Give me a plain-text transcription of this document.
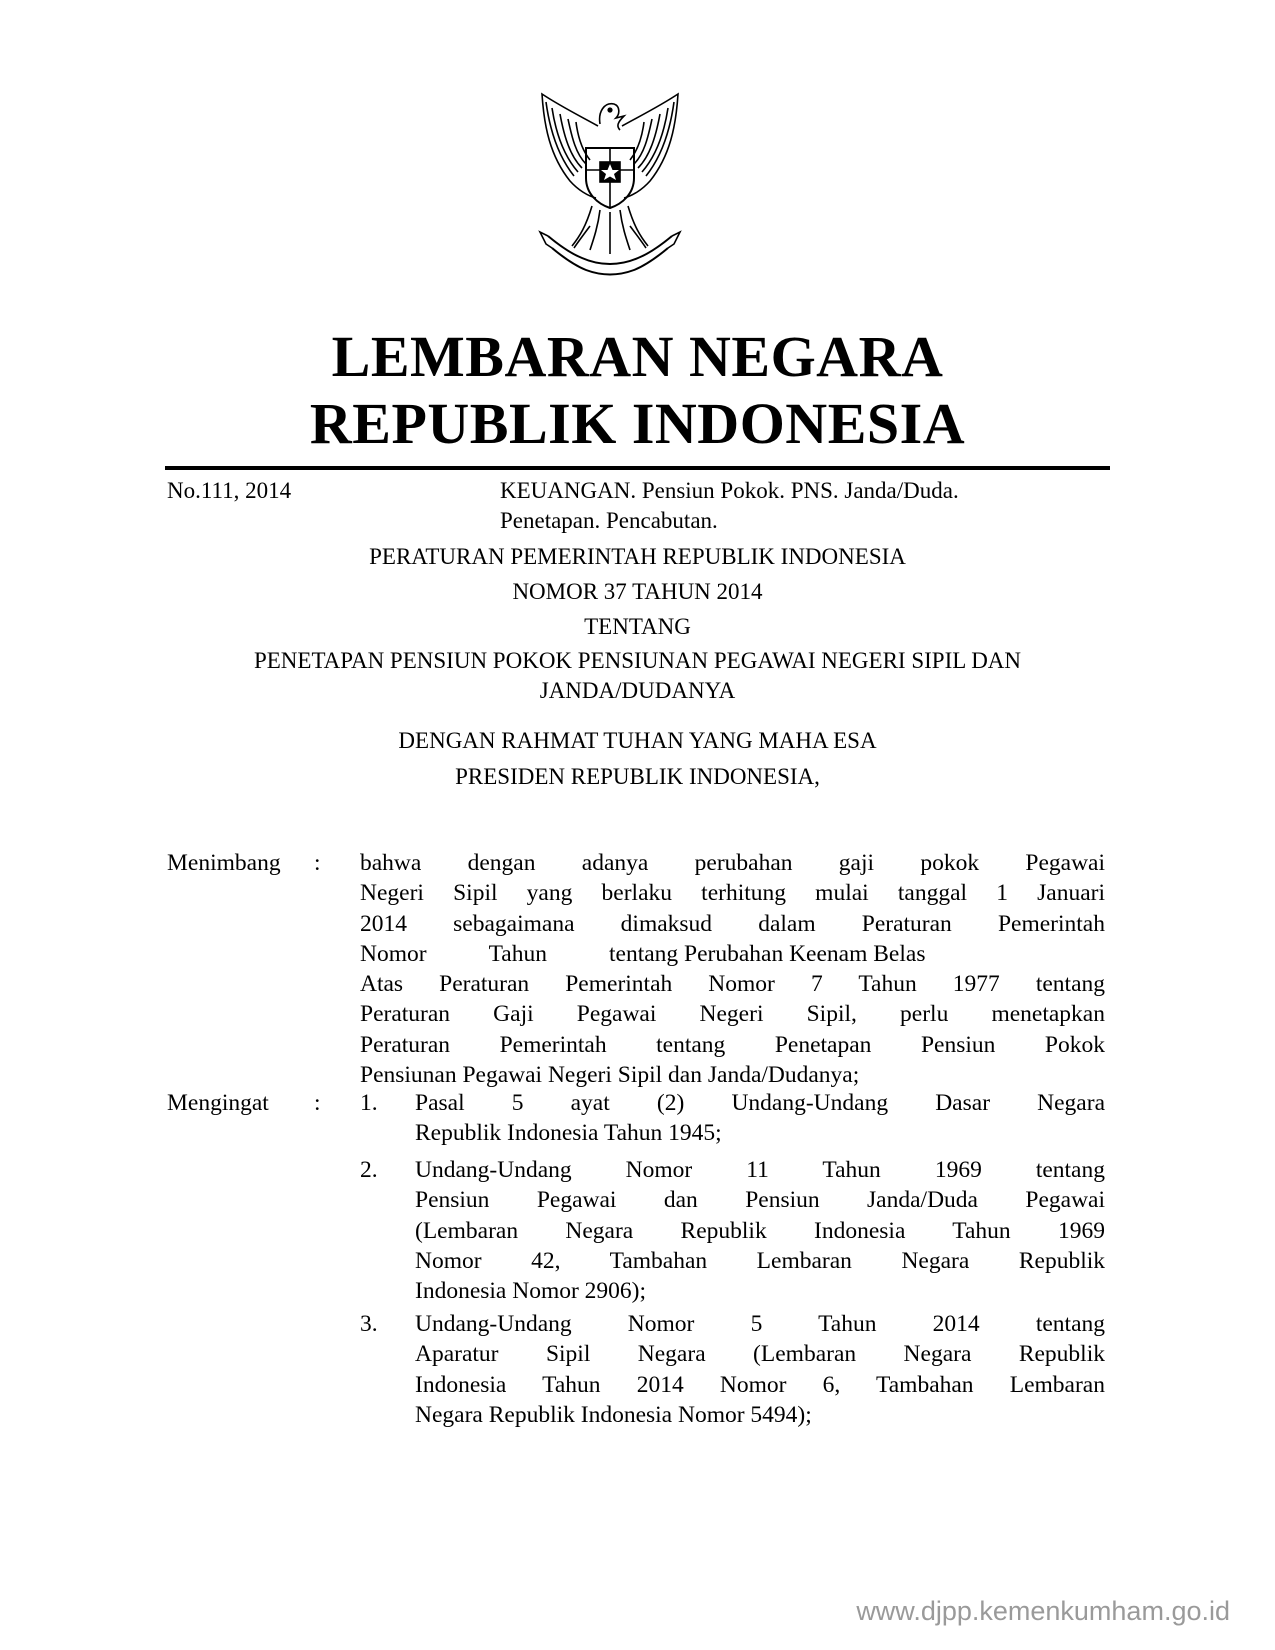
LEMBARAN NEGARA
REPUBLIK INDONESIA
No.111, 2014	KEUANGAN. Pensiun Pokok. PNS. Janda/Duda.
Penetapan. Pencabutan.
PERATURAN PEMERINTAH REPUBLIK INDONESIA
NOMOR 37 TAHUN 2014
TENTANG
PENETAPAN PENSIUN POKOK PENSIUNAN PEGAWAI NEGERI SIPIL DAN
JANDA/DUDANYA
DENGAN RAHMAT TUHAN YANG MAHA ESA
PRESIDEN REPUBLIK INDONESIA,
Menimbang : bahwa dengan adanya perubahan gaji pokok Pegawai
Negeri Sipil yang berlaku terhitung mulai tanggal 1 Januari
2014 sebagaimana dimaksud dalam Peraturan Pemerintah
Nomor	Tahun	tentang Perubahan Keenam Belas
Atas Peraturan Pemerintah Nomor 7 Tahun 1977 tentang
Peraturan Gaji Pegawai Negeri Sipil, perlu menetapkan
Peraturan Pemerintah tentang Penetapan Pensiun Pokok
Pensiunan Pegawai Negeri Sipil dan Janda/Dudanya;
Mengingat : 1. Pasal 5 ayat (2) Undang-Undang Dasar Negara
Republik Indonesia Tahun 1945;
2. Undang-Undang Nomor 11 Tahun 1969 tentang
Pensiun Pegawai dan Pensiun Janda/Duda Pegawai
(Lembaran Negara Republik Indonesia Tahun 1969
Nomor 42, Tambahan Lembaran Negara Republik
Indonesia Nomor 2906);
3. Undang-Undang Nomor 5 Tahun 2014 tentang
Aparatur Sipil Negara (Lembaran Negara Republik
Indonesia Tahun 2014 Nomor 6, Tambahan Lembaran
Negara Republik Indonesia Nomor 5494);
www.djpp.kemenkumham.go.id
